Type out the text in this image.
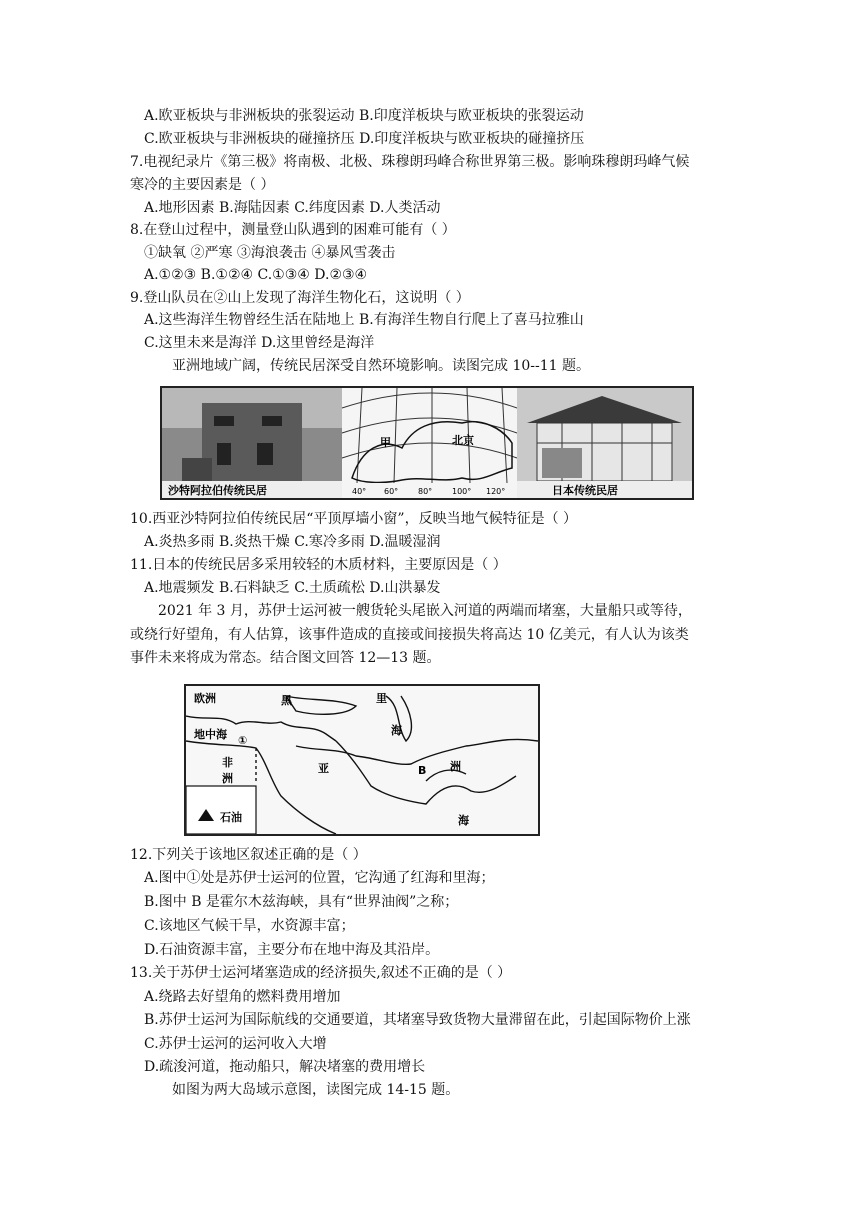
A.欧亚板块与非洲板块的张裂运动 B.印度洋板块与欧亚板块的张裂运动
C.欧亚板块与非洲板块的碰撞挤压 D.印度洋板块与欧亚板块的碰撞挤压
7.电视纪录片《第三极》将南极、北极、珠穆朗玛峰合称世界第三极。影响珠穆朗玛峰气候
寒冷的主要因素是（ ）
A.地形因素 B.海陆因素 C.纬度因素 D.人类活动
8.在登山过程中，测量登山队遇到的困难可能有（ ）
①缺氧 ②严寒 ③海浪袭击 ④暴风雪袭击
A.①②③ B.①②④ C.①③④ D.②③④
9.登山队员在②山上发现了海洋生物化石，这说明（ ）
A.这些海洋生物曾经生活在陆地上 B.有海洋生物自行爬上了喜马拉雅山
C.这里未来是海洋 D.这里曾经是海洋
亚洲地域广阔，传统民居深受自然环境影响。读图完成 10--11 题。
沙特阿拉伯传统民居
甲	北京
40° 60° 80° 100° 120°	日本传统民居
10.西亚沙特阿拉伯传统民居“平顶厚墙小窗”，反映当地气候特征是（ ）
A.炎热多雨 B.炎热干燥 C.寒冷多雨 D.温暖湿润
11.日本的传统民居多采用较轻的木质材料，主要原因是（ ）
A.地震频发 B.石料缺乏 C.土质疏松 D.山洪暴发
2021 年 3 月，苏伊士运河被一艘货轮头尾嵌入河道的两端而堵塞，大量船只或等待，
或绕行好望角，有人估算，该事件造成的直接或间接损失将高达 10 亿美元，有人认为该类
事件未来将成为常态。结合图文回答 12—13 题。
石油
欧洲	里
海
黑
地中海 ①
非
洲
亚	洲
B
海
12.下列关于该地区叙述正确的是（ ）
A.图中①处是苏伊士运河的位置，它沟通了红海和里海；
B.图中 B 是霍尔木兹海峡，具有“世界油阀”之称；
C.该地区气候干旱，水资源丰富；
D.石油资源丰富，主要分布在地中海及其沿岸。
13.关于苏伊士运河堵塞造成的经济损失,叙述不正确的是（ ）
A.绕路去好望角的燃料费用增加
B.苏伊士运河为国际航线的交通要道，其堵塞导致货物大量滞留在此，引起国际物价上涨
C.苏伊士运河的运河收入大增
D.疏浚河道，拖动船只，解决堵塞的费用增长
如图为两大岛域示意图，读图完成 14-15 题。
